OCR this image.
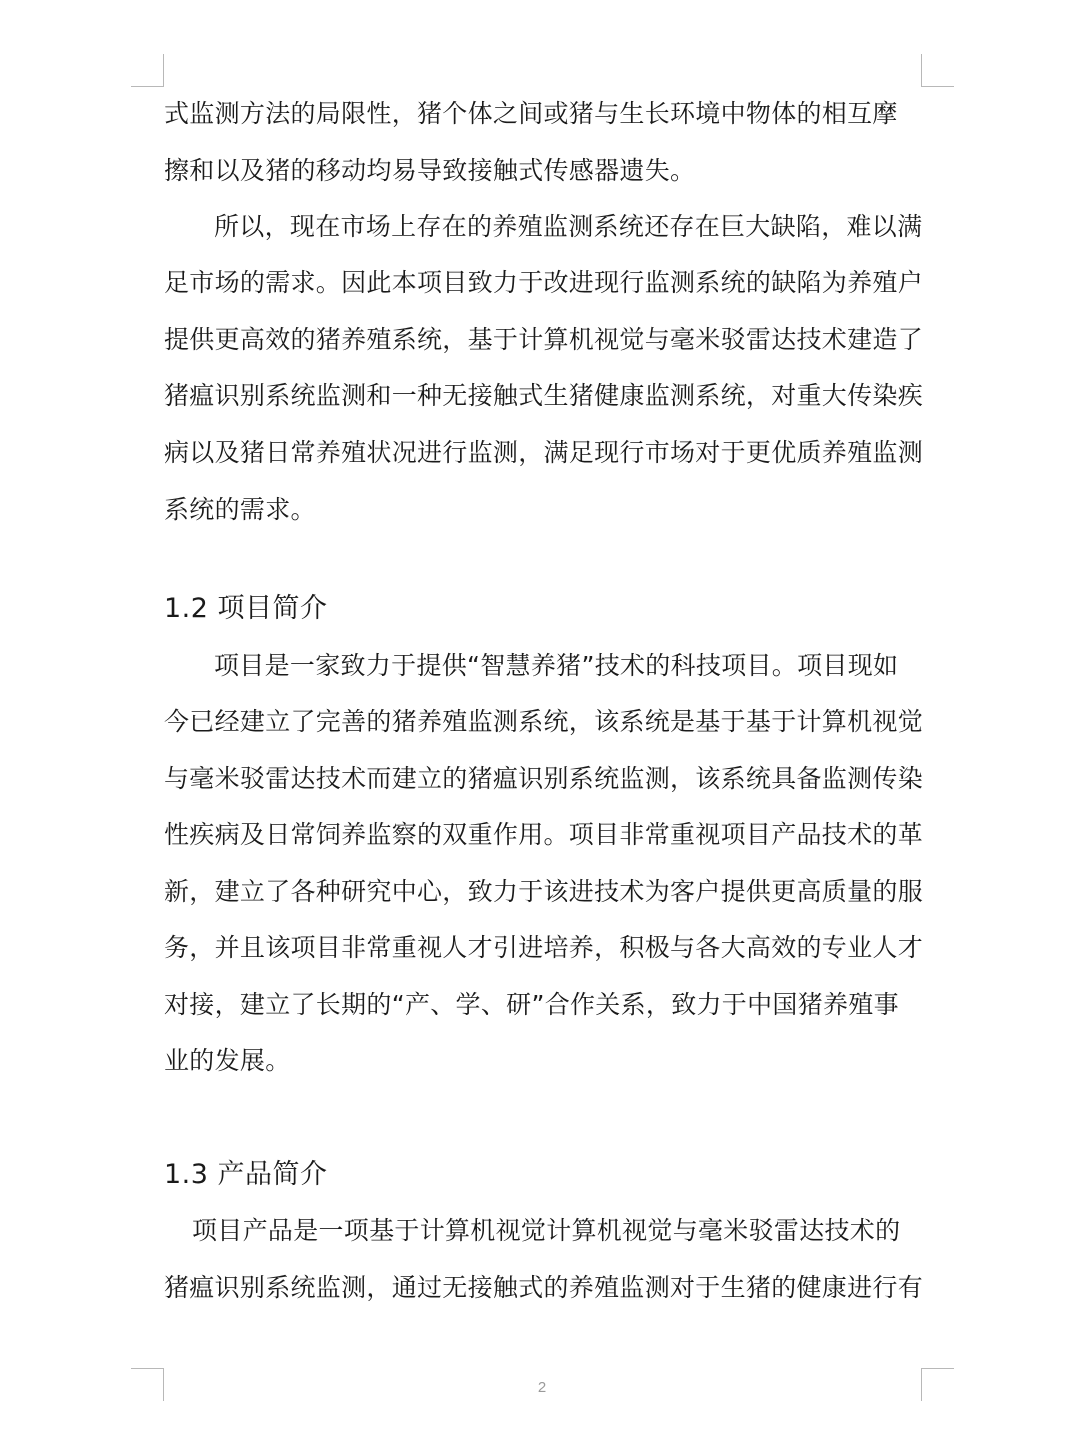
式监测方法的局限性，猪个体之间或猪与生长环境中物体的相互摩
擦和以及猪的移动均易导致接触式传感器遗失。
所以，现在市场上存在的养殖监测系统还存在巨大缺陷，难以满
足市场的需求。因此本项目致力于改进现行监测系统的缺陷为养殖户
提供更高效的猪养殖系统，基于计算机视觉与毫米驳雷达技术建造了
猪瘟识别系统监测和一种无接触式生猪健康监测系统，对重大传染疾
病以及猪日常养殖状况进行监测，满足现行市场对于更优质养殖监测
系统的需求。
1.2 项目简介
项目是一家致力于提供“智慧养猪”技术的科技项目。项目现如
今已经建立了完善的猪养殖监测系统，该系统是基于基于计算机视觉
与毫米驳雷达技术而建立的猪瘟识别系统监测，该系统具备监测传染
性疾病及日常饲养监察的双重作用。项目非常重视项目产品技术的革
新，建立了各种研究中心，致力于该进技术为客户提供更高质量的服
务，并且该项目非常重视人才引进培养，积极与各大高效的专业人才
对接，建立了长期的“产、学、研”合作关系，致力于中国猪养殖事
业的发展。
1.3 产品简介
项目产品是一项基于计算机视觉计算机视觉与毫米驳雷达技术的
猪瘟识别系统监测，通过无接触式的养殖监测对于生猪的健康进行有
2
